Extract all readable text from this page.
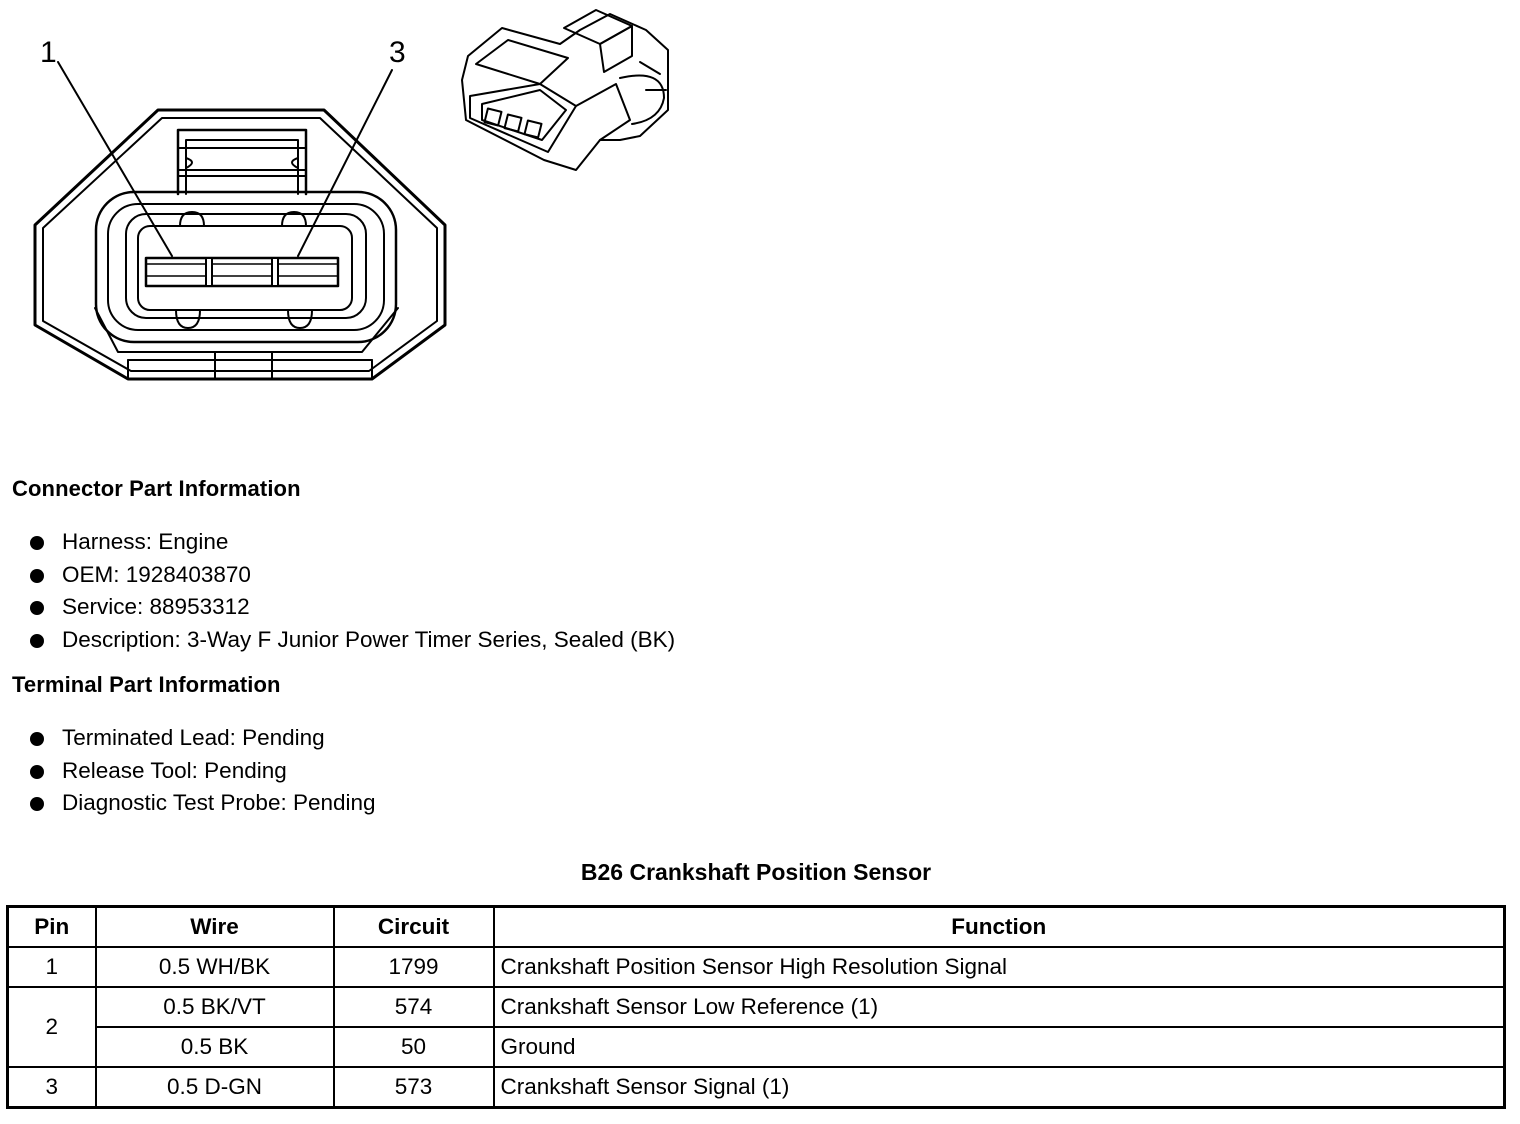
1	3
Connector Part Information
Harness: Engine
OEM: 1928403870
Service: 88953312
Description: 3-Way F Junior Power Timer Series, Sealed (BK)
Terminal Part Information
Terminated Lead: Pending
Release Tool: Pending
Diagnostic Test Probe: Pending
B26 Crankshaft Position Sensor
Pin	Wire	Circuit	Function
1	0.5 WH/BK	1799	Crankshaft Position Sensor High Resolution Signal
2	0.5 BK/VT	574	Crankshaft Sensor Low Reference (1)
	0.5 BK	50	Ground
3	0.5 D-GN	573	Crankshaft Sensor Signal (1)
